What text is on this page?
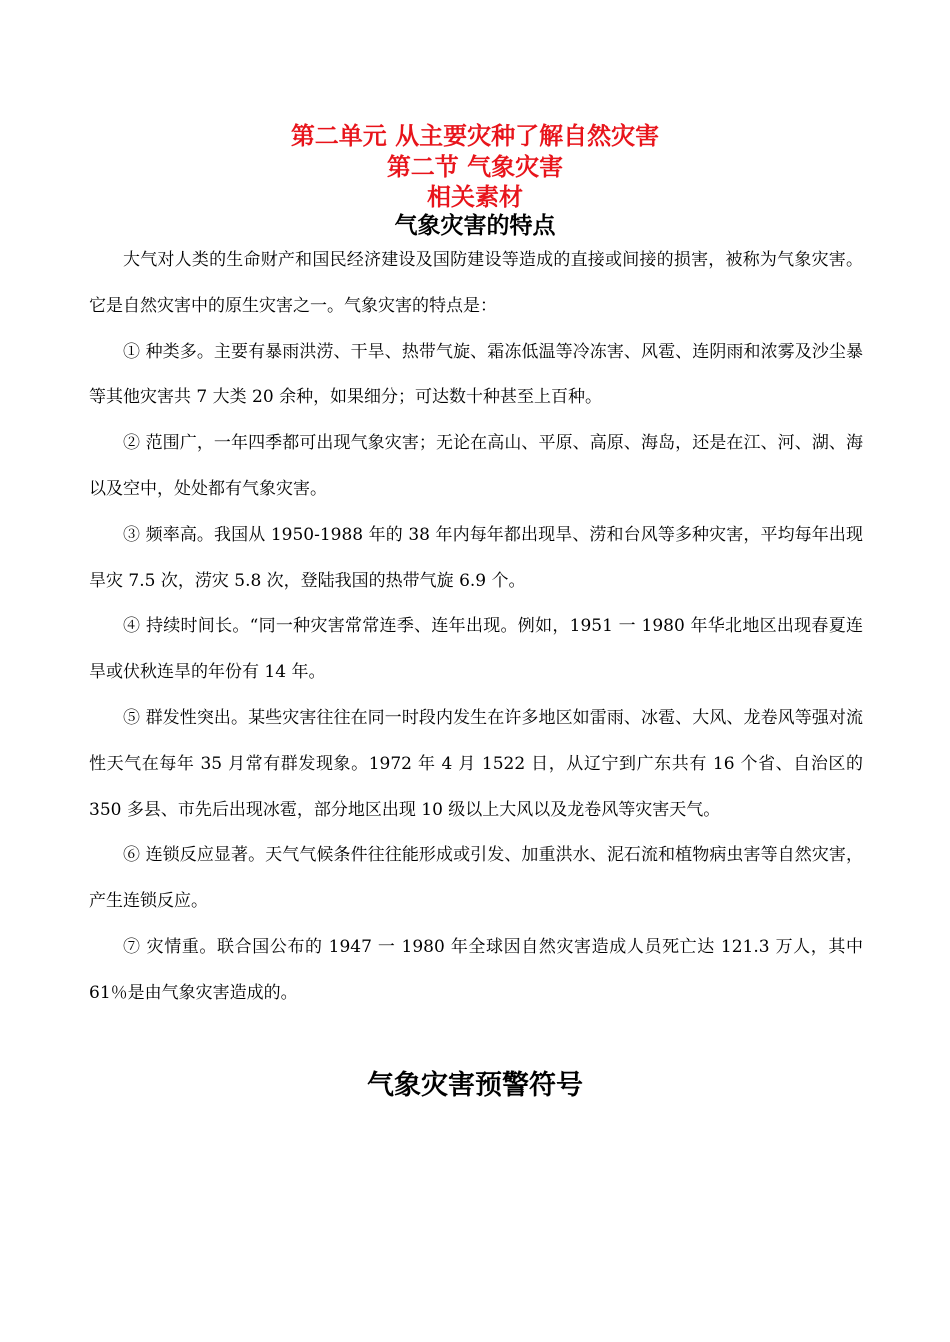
第二单元 从主要灾种了解自然灾害
第二节 气象灾害
相关素材
气象灾害的特点

大气对人类的生命财产和国民经济建设及国防建设等造成的直接或间接的损害，被称为气象灾害。它是自然灾害中的原生灾害之一。气象灾害的特点是：

① 种类多。主要有暴雨洪涝、干旱、热带气旋、霜冻低温等冷冻害、风雹、连阴雨和浓雾及沙尘暴等其他灾害共 7 大类 20 余种，如果细分；可达数十种甚至上百种。

② 范围广，一年四季都可出现气象灾害；无论在高山、平原、高原、海岛，还是在江、河、湖、海以及空中，处处都有气象灾害。

③ 频率高。我国从 1950-1988 年的 38 年内每年都出现旱、涝和台风等多种灾害，平均每年出现旱灾 7.5 次，涝灾 5.8 次，登陆我国的热带气旋 6.9 个。

④ 持续时间长。“同一种灾害常常连季、连年出现。例如，1951 一 1980 年华北地区出现春夏连旱或伏秋连旱的年份有 14 年。

⑤ 群发性突出。某些灾害往往在同一时段内发生在许多地区如雷雨、冰雹、大风、龙卷风等强对流性天气在每年 35 月常有群发现象。1972 年 4 月 1522 日，从辽宁到广东共有 16 个省、自治区的 350 多县、市先后出现冰雹，部分地区出现 10 级以上大风以及龙卷风等灾害天气。

⑥ 连锁反应显著。天气气候条件往往能形成或引发、加重洪水、泥石流和植物病虫害等自然灾害，产生连锁反应。

⑦ 灾情重。联合国公布的 1947 一 1980 年全球因自然灾害造成人员死亡达 121.3 万人，其中 61％是由气象灾害造成的。

气象灾害预警符号
